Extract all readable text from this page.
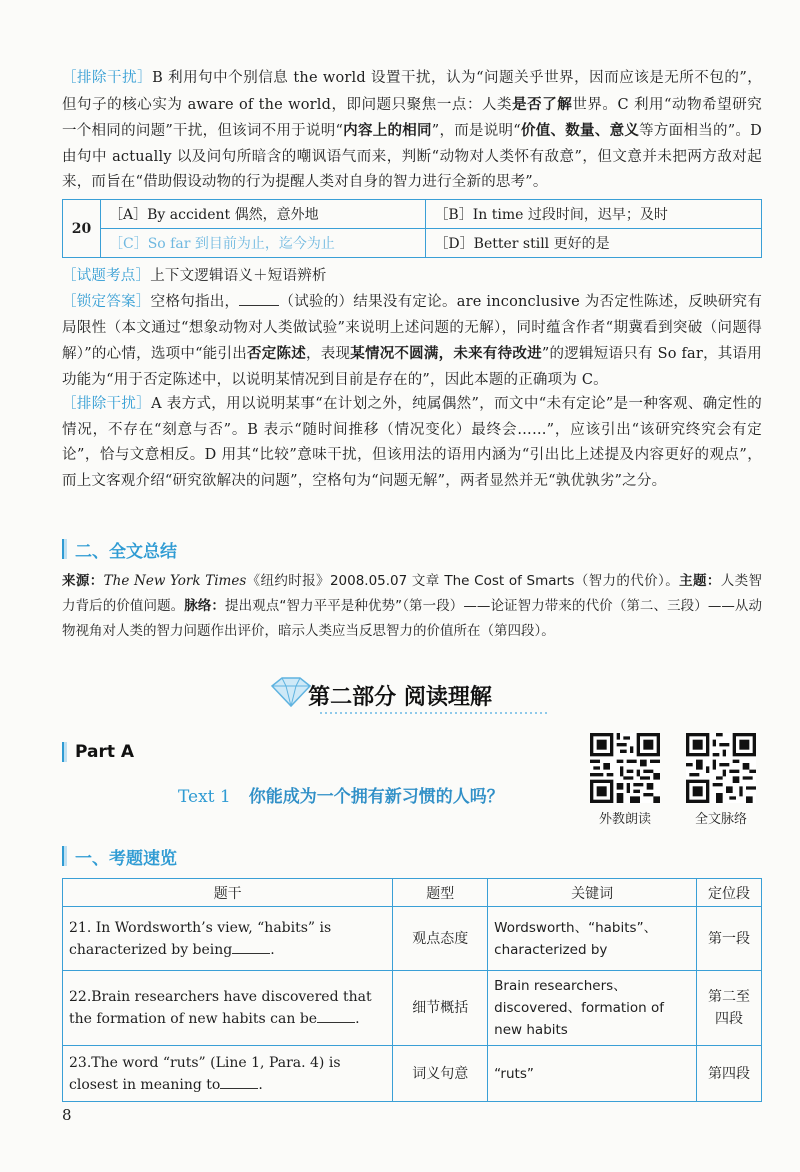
［排除干扰］B 利用句中个别信息 the world 设置干扰，认为“问题关乎世界，因而应该是无所不包的”，但句子的核心实为 aware of the world，即问题只聚焦一点：人类是否了解世界。C 利用“动物希望研究一个相同的问题”干扰，但该词不用于说明“内容上的相同”，而是说明“价值、数量、意义等方面相当的”。D 由句中 actually 以及问句所暗含的嘲讽语气而来，判断“动物对人类怀有敌意”，但文意并未把两方敌对起来，而旨在“借助假设动物的行为提醒人类对自身的智力进行全新的思考”。

20	［A］By accident 偶然，意外地	［B］In time 过段时间，迟早；及时
	［C］So far 到目前为止，迄今为止	［D］Better still 更好的是

［试题考点］上下文逻辑语义＋短语辨析

［锁定答案］空格句指出，	（试验的）结果没有定论。are inconclusive 为否定性陈述，反映研究有局限性（本文通过“想象动物对人类做试验”来说明上述问题的无解），同时蕴含作者“期冀看到突破（问题得解）”的心情，选项中“能引出否定陈述，表现某情况不圆满，未来有待改进”的逻辑短语只有 So far，其语用功能为“用于否定陈述中，以说明某情况到目前是存在的”，因此本题的正确项为 C。

［排除干扰］A 表方式，用以说明某事“在计划之外，纯属偶然”，而文中“未有定论”是一种客观、确定性的情况，不存在“刻意与否”。B 表示“随时间推移（情况变化）最终会……”，应该引出“该研究终究会有定论”，恰与文意相反。D 用其“比较”意味干扰，但该用法的语用内涵为“引出比上述提及内容更好的观点”，而上文客观介绍“研究欲解决的问题”，空格句为“问题无解”，两者显然并无“孰优孰劣”之分。

二、全文总结

来源：The New York Times《纽约时报》2008.05.07 文章 The Cost of Smarts（智力的代价）。主题：人类智力背后的价值问题。脉络：提出观点“智力平平是种优势”（第一段）——论证智力带来的代价（第二、三段）——从动物视角对人类的智力问题作出评价，暗示人类应当反思智力的价值所在（第四段）。

第二部分 阅读理解
Part A
Text 1 你能成为一个拥有新习惯的人吗？
外教朗读	全文脉络
一、考题速览
题干	题型	关键词	定位段
21. In Wordsworth’s view, “habits” is characterized by being .	观点态度	Wordsworth、“habits”、characterized by	第一段
22.Brain researchers have discovered that the formation of new habits can be .	细节概括	Brain researchers、discovered、formation of new habits	第二至四段
23.The word “ruts” (Line 1, Para. 4) is closest in meaning to .	词义句意	“ruts”	第四段
8
